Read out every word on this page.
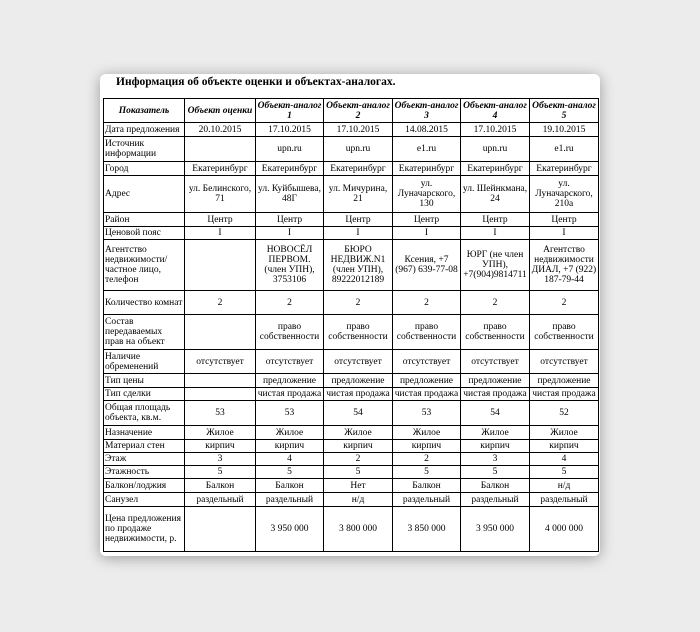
Информация об объекте оценки и объектах-аналогах.
Показатель	Объект оценки	Объект-аналог 1	Объект-аналог 2	Объект-аналог 3	Объект-аналог 4	Объект-аналог 5
Дата предложения	20.10.2015	17.10.2015	17.10.2015	14.08.2015	17.10.2015	19.10.2015
Источник информации		upn.ru	upn.ru	e1.ru	upn.ru	e1.ru
Город	Екатеринбург	Екатеринбург	Екатеринбург	Екатеринбург	Екатеринбург	Екатеринбург
Адрес	ул. Белинского, 71	ул. Куйбышева, 48Г	ул. Мичурина, 21	ул. Луначарского, 130	ул. Шейнкмана, 24	ул. Луначарского, 210а
Район	Центр	Центр	Центр	Центр	Центр	Центр
Ценовой пояс	I	I	I	I	I	I
Агентство недвижимости/ частное лицо, телефон		НОВОСЁЛ ПЕРВОМ. (член УПН), 3753106	БЮРО НЕДВИЖ.N1 (член УПН), 89222012189	Ксения, +7 (967) 639-77-08	ЮРГ (не член УПН), +7(904)9814711	Агентство недвижимости ДИАЛ, +7 (922) 187-79-44
Количество комнат	2	2	2	2	2	2
Состав передаваемых прав на объект		право собственности	право собственности	право собственности	право собственности	право собственности
Наличие обременений	отсутствует	отсутствует	отсутствует	отсутствует	отсутствует	отсутствует
Тип цены		предложение	предложение	предложение	предложение	предложение
Тип сделки		чистая продажа	чистая продажа	чистая продажа	чистая продажа	чистая продажа
Общая площадь объекта, кв.м.	53	53	54	53	54	52
Назначение	Жилое	Жилое	Жилое	Жилое	Жилое	Жилое
Материал стен	кирпич	кирпич	кирпич	кирпич	кирпич	кирпич
Этаж	3	4	2	2	3	4
Этажность	5	5	5	5	5	5
Балкон/лоджия	Балкон	Балкон	Нет	Балкон	Балкон	н/д
Санузел	раздельный	раздельный	н/д	раздельный	раздельный	раздельный
Цена предложения по продаже недвижимости, р.		3 950 000	3 800 000	3 850 000	3 950 000	4 000 000
